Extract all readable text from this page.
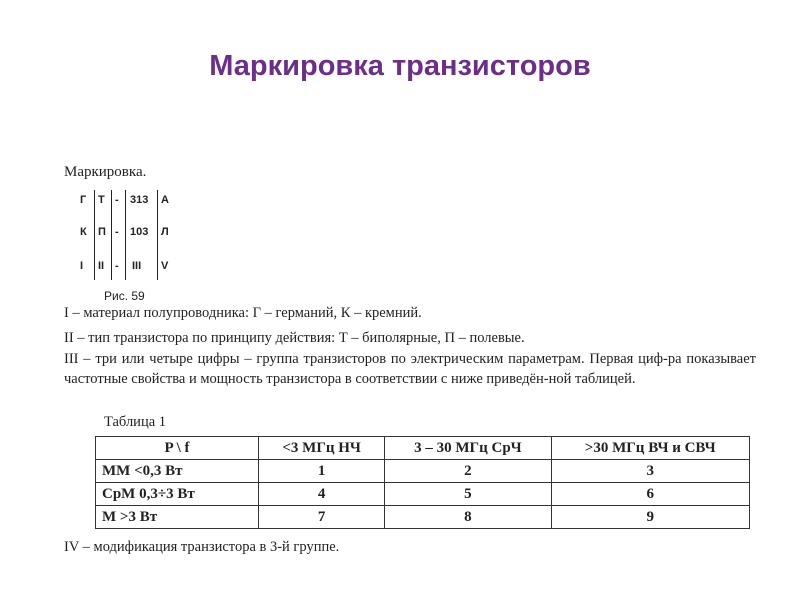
Маркировка транзисторов
Маркировка.
Г Т - 313 А
К П - 103 Л
I II - III V
Рис. 59
I – материал полупроводника: Г – германий, К – кремний.
II – тип транзистора по принципу действия: Т – биполярные, П – полевые.
III – три или четыре цифры – группа транзисторов по электрическим параметрам. Первая циф-ра показывает частотные свойства и мощность транзистора в соответствии с ниже приведён-ной таблицей.
Таблица 1
P \ f	<3 МГц НЧ	3 – 30 МГц СрЧ	>30 МГц ВЧ и СВЧ
ММ <0,3 Вт	1	2	3
СрМ 0,3÷3 Вт	4	5	6
М >3 Вт	7	8	9
IV – модификация транзистора в 3-й группе.
